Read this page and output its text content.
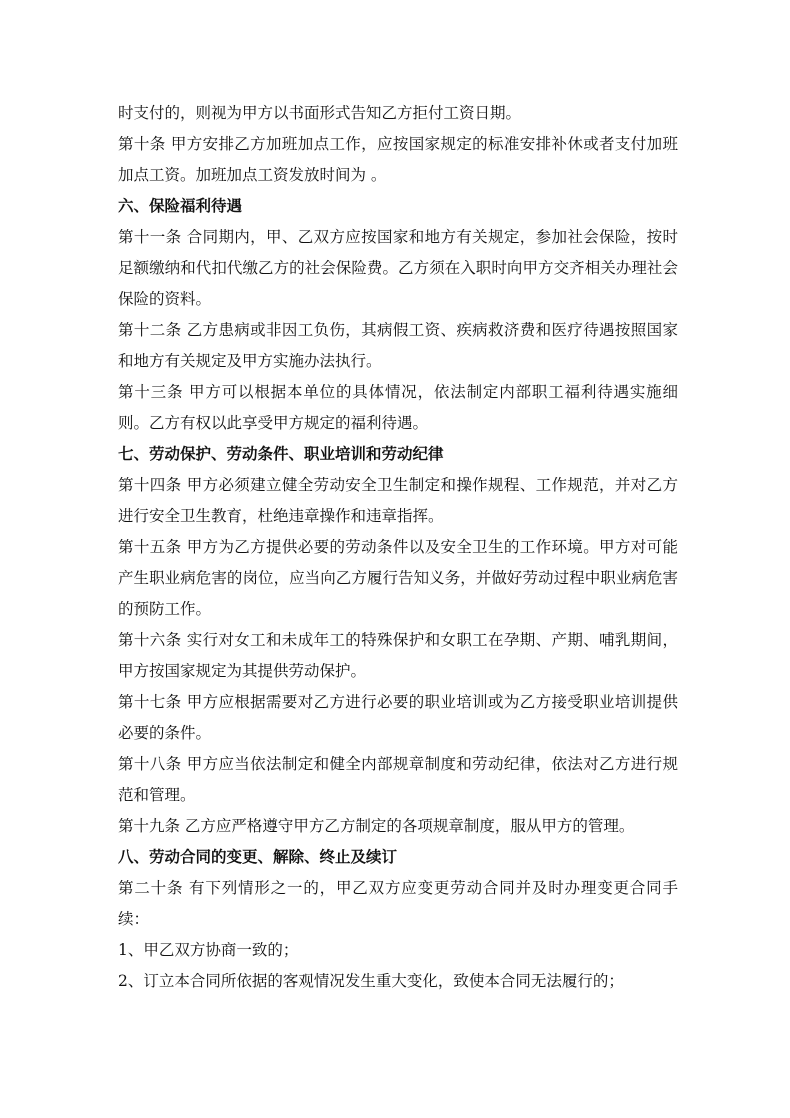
时支付的，则视为甲方以书面形式告知乙方拒付工资日期。

第十条 甲方安排乙方加班加点工作，应按国家规定的标准安排补休或者支付加班加点工资。加班加点工资发放时间为 。

六、保险福利待遇

第十一条 合同期内，甲、乙双方应按国家和地方有关规定，参加社会保险，按时足额缴纳和代扣代缴乙方的社会保险费。乙方须在入职时向甲方交齐相关办理社会保险的资料。

第十二条 乙方患病或非因工负伤，其病假工资、疾病救济费和医疗待遇按照国家和地方有关规定及甲方实施办法执行。

第十三条 甲方可以根据本单位的具体情况，依法制定内部职工福利待遇实施细则。乙方有权以此享受甲方规定的福利待遇。

七、劳动保护、劳动条件、职业培训和劳动纪律

第十四条 甲方必须建立健全劳动安全卫生制定和操作规程、工作规范，并对乙方进行安全卫生教育，杜绝违章操作和违章指挥。

第十五条 甲方为乙方提供必要的劳动条件以及安全卫生的工作环境。甲方对可能产生职业病危害的岗位，应当向乙方履行告知义务，并做好劳动过程中职业病危害的预防工作。

第十六条 实行对女工和未成年工的特殊保护和女职工在孕期、产期、哺乳期间，甲方按国家规定为其提供劳动保护。

第十七条 甲方应根据需要对乙方进行必要的职业培训或为乙方接受职业培训提供必要的条件。

第十八条 甲方应当依法制定和健全内部规章制度和劳动纪律，依法对乙方进行规范和管理。

第十九条 乙方应严格遵守甲方乙方制定的各项规章制度，服从甲方的管理。

八、劳动合同的变更、解除、终止及续订

第二十条 有下列情形之一的，甲乙双方应变更劳动合同并及时办理变更合同手续：

1、甲乙双方协商一致的；

2、订立本合同所依据的客观情况发生重大变化，致使本合同无法履行的；
